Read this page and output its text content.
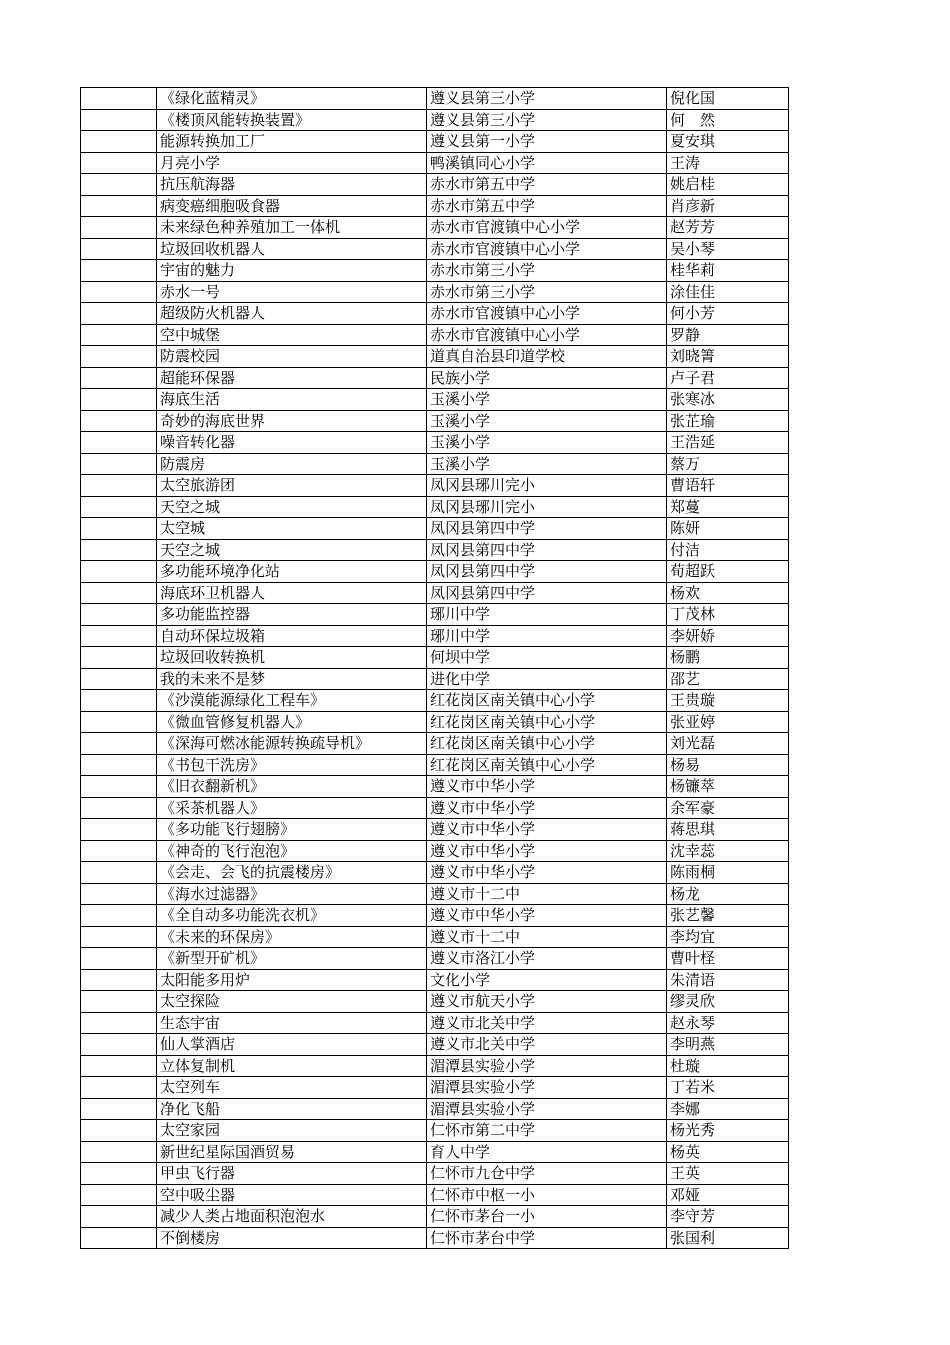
	《绿化蓝精灵》	遵义县第三小学	倪化国
	《楼顶风能转换装置》	遵义县第三小学	何　然
	能源转换加工厂	遵义县第一小学	夏安琪
	月亮小学	鸭溪镇同心小学	王涛
	抗压航海器	赤水市第五中学	姚启桂
	病变癌细胞吸食器	赤水市第五中学	肖彦新
	未来绿色种养殖加工一体机	赤水市官渡镇中心小学	赵芳芳
	垃圾回收机器人	赤水市官渡镇中心小学	吴小琴
	宇宙的魅力	赤水市第三小学	桂华莉
	赤水一号	赤水市第三小学	涂佳佳
	超级防火机器人	赤水市官渡镇中心小学	何小芳
	空中城堡	赤水市官渡镇中心小学	罗静
	防震校园	道真自治县印道学校	刘晓箐
	超能环保器	民族小学	卢子君
	海底生活	玉溪小学	张寒冰
	奇妙的海底世界	玉溪小学	张芷瑜
	噪音转化器	玉溪小学	王浩延
	防震房	玉溪小学	蔡万
	太空旅游团	凤冈县琊川完小	曹语轩
	天空之城	凤冈县琊川完小	郑蔓
	太空城	凤冈县第四中学	陈妍
	天空之城	凤冈县第四中学	付洁
	多功能环境净化站	凤冈县第四中学	荀超跃
	海底环卫机器人	凤冈县第四中学	杨欢
	多功能监控器	琊川中学	丁茂林
	自动环保垃圾箱	琊川中学	李妍娇
	垃圾回收转换机	何坝中学	杨鹏
	我的未来不是梦	进化中学	邵艺
	《沙漠能源绿化工程车》	红花岗区南关镇中心小学	王贵璇
	《微血管修复机器人》	红花岗区南关镇中心小学	张亚婷
	《深海可燃冰能源转换疏导机》	红花岗区南关镇中心小学	刘光磊
	《书包干洗房》	红花岗区南关镇中心小学	杨易
	《旧衣翻新机》	遵义市中华小学	杨镰萃
	《采茶机器人》	遵义市中华小学	余军豪
	《多功能飞行翅膀》	遵义市中华小学	蒋思琪
	《神奇的飞行泡泡》	遵义市中华小学	沈幸蕊
	《会走、会飞的抗震楼房》	遵义市中华小学	陈雨桐
	《海水过滤器》	遵义市十二中	杨龙
	《全自动多功能洗衣机》	遵义市中华小学	张艺馨
	《未来的环保房》	遵义市十二中	李均宜
	《新型开矿机》	遵义市洛江小学	曹叶柽
	太阳能多用炉	文化小学	朱清语
	太空探险	遵义市航天小学	缪灵欣
	生态宇宙	遵义市北关中学	赵永琴
	仙人掌酒店	遵义市北关中学	李明燕
	立体复制机	湄潭县实验小学	杜璇
	太空列车	湄潭县实验小学	丁若米
	净化飞船	湄潭县实验小学	李娜
	太空家园	仁怀市第二中学	杨光秀
	新世纪星际国酒贸易	育人中学	杨英
	甲虫飞行器	仁怀市九仓中学	王英
	空中吸尘器	仁怀市中枢一小	邓娅
	减少人类占地面积泡泡水	仁怀市茅台一小	李守芳
	不倒楼房	仁怀市茅台中学	张国利
